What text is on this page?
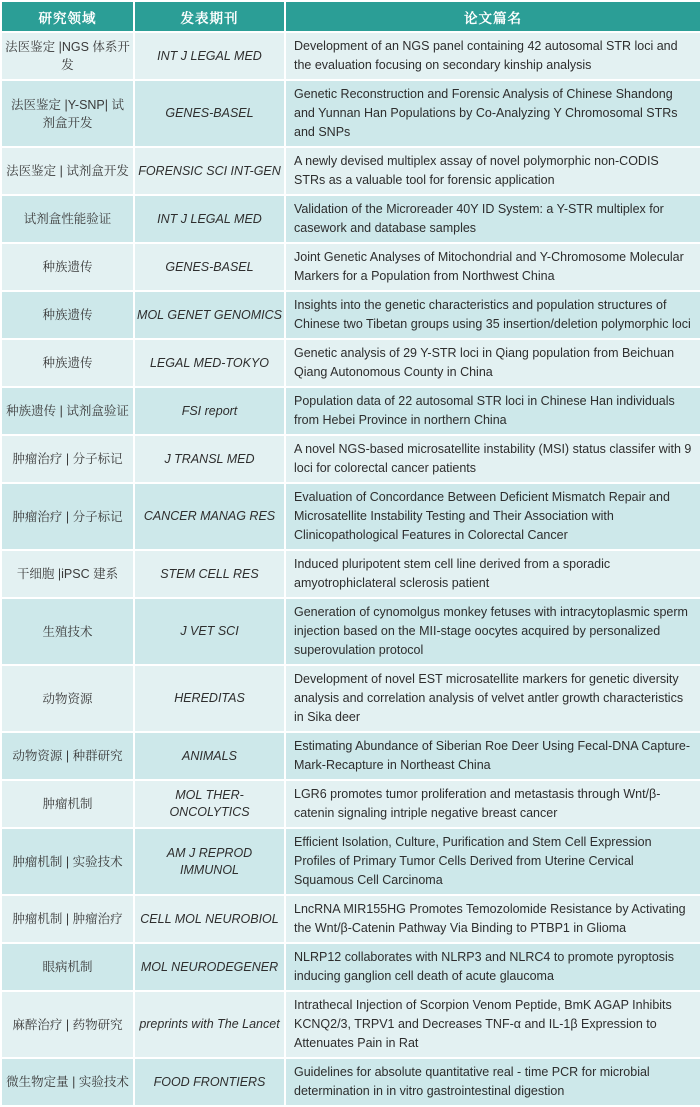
研究领域	发表期刊	论文篇名
法医鉴定 |NGS 体系开发	INT J LEGAL MED	Development of an NGS panel containing 42 autosomal STR loci and the evaluation focusing on secondary kinship analysis
法医鉴定 |Y-SNP| 试剂盒开发	GENES-BASEL	Genetic Reconstruction and Forensic Analysis of Chinese Shandong and Yunnan Han Populations by Co-Analyzing Y Chromosomal STRs and SNPs
法医鉴定 | 试剂盒开发	FORENSIC SCI INT-GEN	A newly devised multiplex assay of novel polymorphic non-CODIS STRs as a valuable tool for forensic application
试剂盒性能验证	INT J LEGAL MED	Validation of the Microreader 40Y ID System: a Y-STR multiplex for casework and database samples
种族遗传	GENES-BASEL	Joint Genetic Analyses of Mitochondrial and Y-Chromosome Molecular Markers for a Population from Northwest China
种族遗传	MOL GENET GENOMICS	Insights into the genetic characteristics and population structures of Chinese two Tibetan groups using 35 insertion/deletion polymorphic loci
种族遗传	LEGAL MED-TOKYO	Genetic analysis of 29 Y-STR loci in Qiang population from Beichuan Qiang Autonomous County in China
种族遗传 | 试剂盒验证	FSI report	Population data of 22 autosomal STR loci in Chinese Han individuals from Hebei Province in northern China
肿瘤治疗 | 分子标记	J TRANSL MED	A novel NGS-based microsatellite instability (MSI) status classifer with 9 loci for colorectal cancer patients
肿瘤治疗 | 分子标记	CANCER MANAG RES	Evaluation of Concordance Between Deficient Mismatch Repair and Microsatellite Instability Testing and Their Association with Clinicopathological Features in Colorectal Cancer
干细胞 |iPSC 建系	STEM CELL RES	Induced pluripotent stem cell line derived from a sporadic amyotrophiclateral sclerosis patient
生殖技术	J VET SCI	Generation of cynomolgus monkey fetuses with intracytoplasmic sperm injection based on the MII-stage oocytes acquired by personalized superovulation protocol
动物资源	HEREDITAS	Development of novel EST microsatellite markers for genetic diversity analysis and correlation analysis of velvet antler growth characteristics in Sika deer
动物资源 | 种群研究	ANIMALS	Estimating Abundance of Siberian Roe Deer Using Fecal-DNA Capture-Mark-Recapture in Northeast China
肿瘤机制	MOL THER-ONCOLYTICS	LGR6 promotes tumor proliferation and metastasis through Wnt/β-catenin signaling intriple negative breast cancer
肿瘤机制 | 实验技术	AM J REPROD IMMUNOL	Efficient Isolation, Culture, Purification and Stem Cell Expression Profiles of Primary Tumor Cells Derived from Uterine Cervical Squamous Cell Carcinoma
肿瘤机制 | 肿瘤治疗	CELL MOL NEUROBIOL	LncRNA MIR155HG Promotes Temozolomide Resistance by Activating the Wnt/β-Catenin Pathway Via Binding to PTBP1 in Glioma
眼病机制	MOL NEURODEGENER	NLRP12 collaborates with NLRP3 and NLRC4 to promote pyroptosis inducing ganglion cell death of acute glaucoma
麻醉治疗 | 药物研究	preprints with The Lancet	Intrathecal Injection of Scorpion Venom Peptide, BmK AGAP Inhibits KCNQ2/3, TRPV1 and Decreases TNF-α and IL-1β Expression to Attenuates Pain in Rat
微生物定量 | 实验技术	FOOD FRONTIERS	Guidelines for absolute quantitative real - time PCR for microbial determination in in vitro gastrointestinal digestion
